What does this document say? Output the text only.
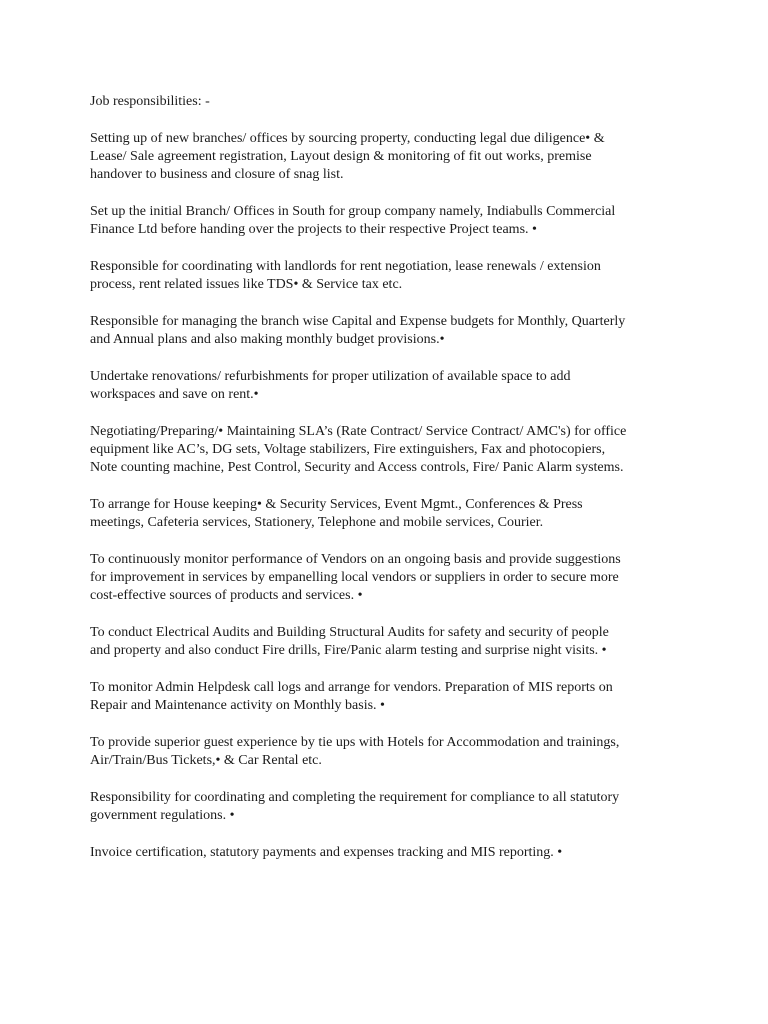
Job responsibilities: -

Setting up of new branches/ offices by sourcing property, conducting legal due diligence• &
Lease/ Sale agreement registration, Layout design & monitoring of fit out works, premise
handover to business and closure of snag list.

Set up the initial Branch/ Offices in South for group company namely, Indiabulls Commercial
Finance Ltd before handing over the projects to their respective Project teams. •

Responsible for coordinating with landlords for rent negotiation, lease renewals / extension
process, rent related issues like TDS• & Service tax etc.

Responsible for managing the branch wise Capital and Expense budgets for Monthly, Quarterly
and Annual plans and also making monthly budget provisions.•

Undertake renovations/ refurbishments for proper utilization of available space to add
workspaces and save on rent.•

Negotiating/Preparing/• Maintaining SLA’s (Rate Contract/ Service Contract/ AMC's) for office
equipment like AC’s, DG sets, Voltage stabilizers, Fire extinguishers, Fax and photocopiers,
Note counting machine, Pest Control, Security and Access controls, Fire/ Panic Alarm systems.

To arrange for House keeping• & Security Services, Event Mgmt., Conferences & Press
meetings, Cafeteria services, Stationery, Telephone and mobile services, Courier.

To continuously monitor performance of Vendors on an ongoing basis and provide suggestions
for improvement in services by empanelling local vendors or suppliers in order to secure more
cost-effective sources of products and services. •

To conduct Electrical Audits and Building Structural Audits for safety and security of people
and property and also conduct Fire drills, Fire/Panic alarm testing and surprise night visits. •

To monitor Admin Helpdesk call logs and arrange for vendors. Preparation of MIS reports on
Repair and Maintenance activity on Monthly basis. •

To provide superior guest experience by tie ups with Hotels for Accommodation and trainings,
Air/Train/Bus Tickets,• & Car Rental etc.

Responsibility for coordinating and completing the requirement for compliance to all statutory
government regulations. •

Invoice certification, statutory payments and expenses tracking and MIS reporting. •
